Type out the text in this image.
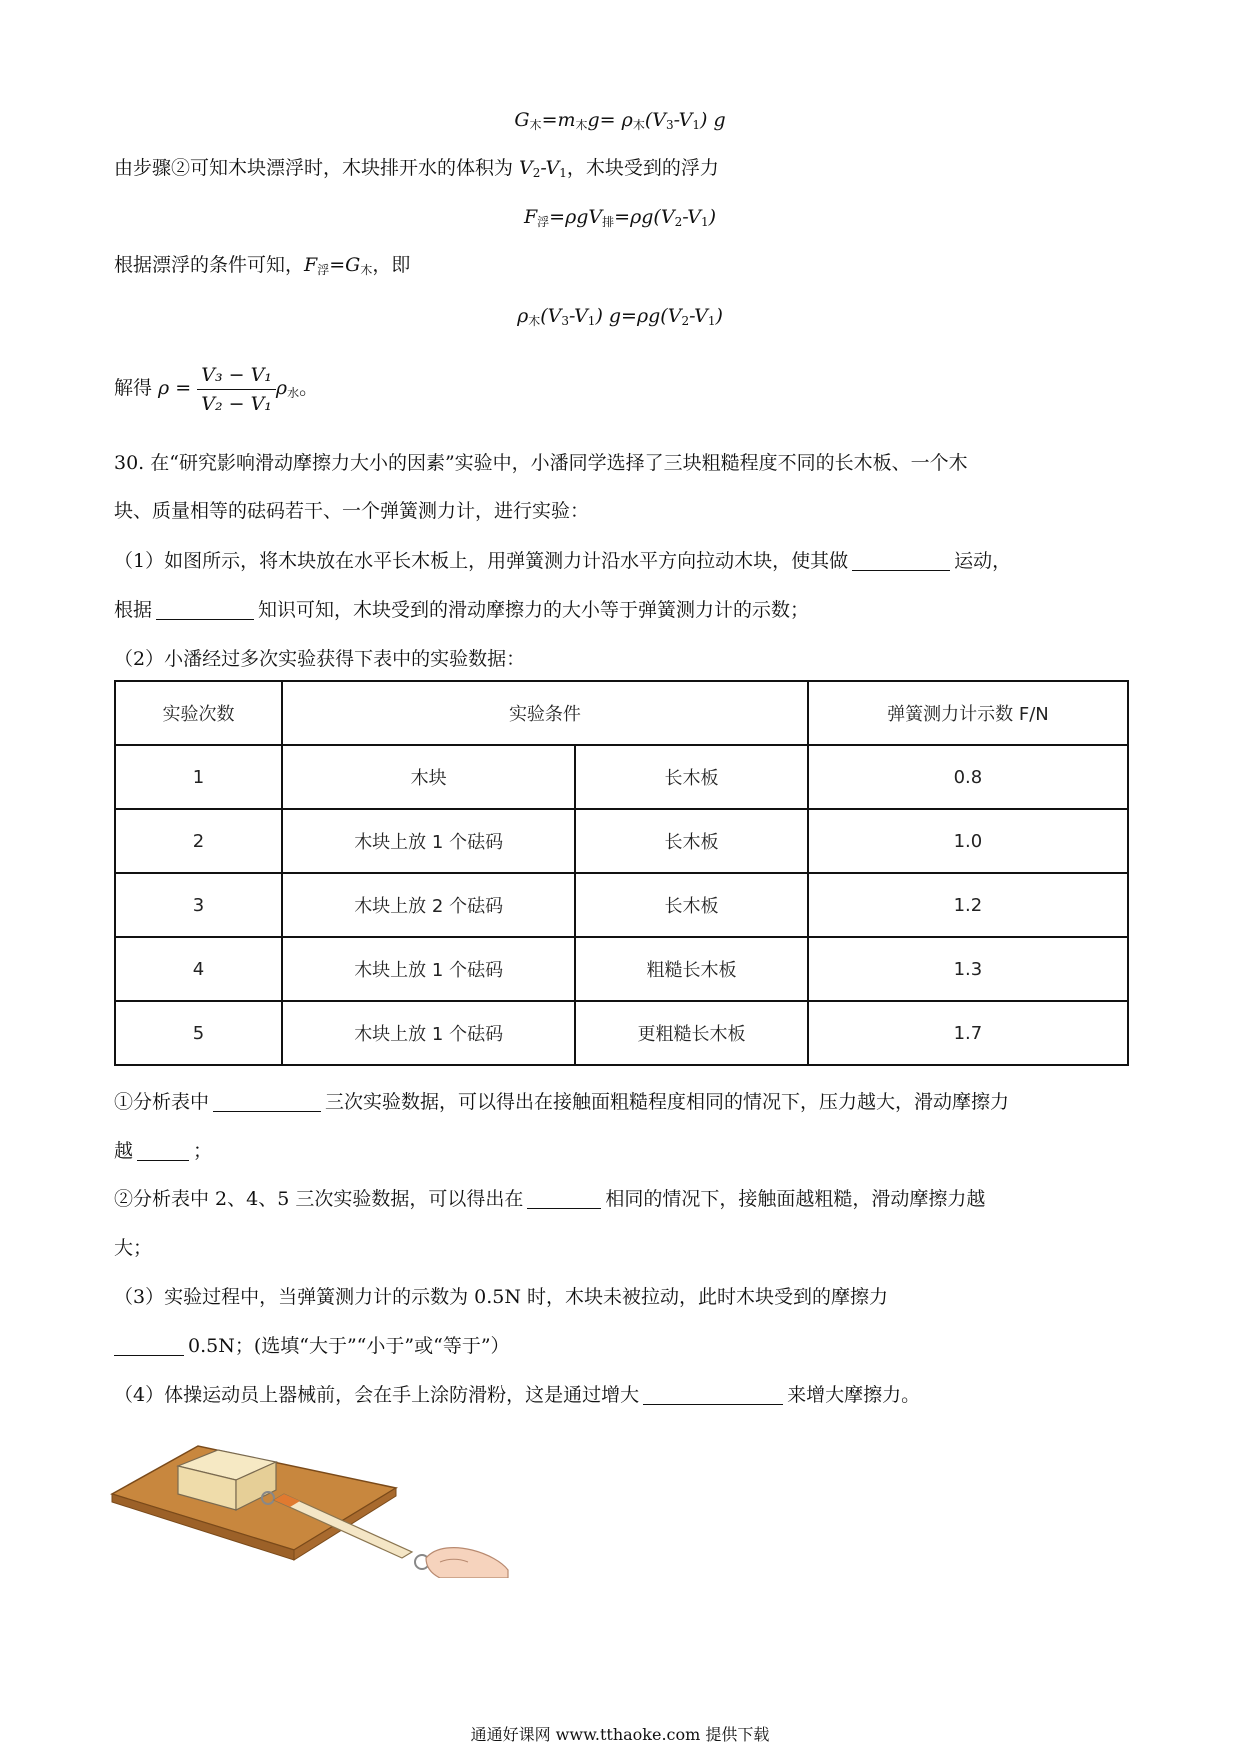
$G_木=m_木g= \rho_木(V_3-V_1)$ g
由步骤②可知木块漂浮时，木块排开水的体积为 $V_2-V_1$，木块受到的浮力
$F_浮=\rho gV_排=\rho g(V_2-V_1)$
根据漂浮的条件可知，$F_浮=G_木$，即
$\rho_木(V_3-V_1)$ $g=\rho g(V_2-V_1)$
解得 $\rho = \frac{\text{V₃ − V₁}}{\text{V₂ − V₁}} \rho_水$。
30. 在“研究影响滑动摩擦力大小的因素”实验中，小潘同学选择了三块粗糙程度不同的长木板、一个木
块、质量相等的砝码若干、一个弹簧测力计，进行实验：
（1）如图所示，将木块放在水平长木板上，用弹簧测力计沿水平方向拉动木块，使其做	运动，
根据	知识可知，木块受到的滑动摩擦力的大小等于弹簧测力计的示数；
（2）小潘经过多次实验获得下表中的实验数据：
实验次数	实验条件		弹簧测力计示数 F/N
1	木块	长木板	0.8
2	木块上放 1 个砝码	长木板	1.0
3	木块上放 2 个砝码	长木板	1.2
4	木块上放 1 个砝码	粗糙长木板	1.3
5	木块上放 1 个砝码	更粗糙长木板	1.7
①分析表中	三次实验数据，可以得出在接触面粗糙程度相同的情况下，压力越大，滑动摩擦力
越	；
②分析表中 2、4、5 三次实验数据，可以得出在	相同的情况下，接触面越粗糙，滑动摩擦力越
大；
（3）实验过程中，当弹簧测力计的示数为 0.5N 时，木块未被拉动，此时木块受到的摩擦力
0.5N；(选填“大于”“小于”或“等于”）
（4）体操运动员上器械前，会在手上涂防滑粉，这是通过增大	来增大摩擦力。
通通好课网 www.tthaoke.com 提供下载
